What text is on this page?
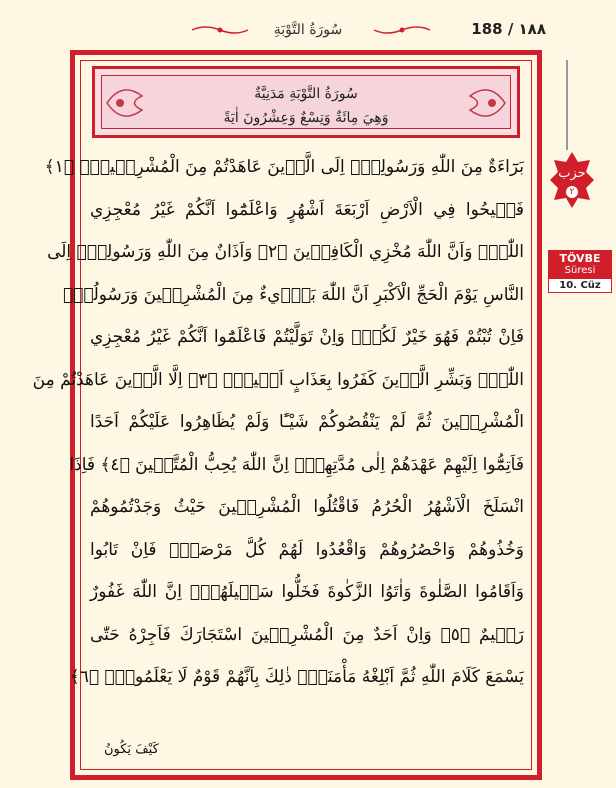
سُورَةُ التَّوْبَةِ	188 / ١٨٨
سُورَةُ التَّوْبَةِ مَدَنِيَّةٌ
وَهِيَ مِائَةٌ وَتِسْعٌ وَعِشْرُونَ اٰيَةً
بَرَٓاءَةٌ مِنَ اللّٰهِ وَرَسُولِه۪ٓ اِلَى الَّذ۪ينَ عَاهَدْتُمْ مِنَ الْمُشْرِك۪ينَۜ ﴿١﴾
فَس۪يحُوا فِي الْاَرْضِ اَرْبَعَةَ اَشْهُرٍ وَاعْلَمُٓوا اَنَّكُمْ غَيْرُ مُعْجِزِي
اللّٰهِۙ وَاَنَّ اللّٰهَ مُخْزِي الْكَافِر۪ينَ ﴿٢﴾ وَاَذَانٌ مِنَ اللّٰهِ وَرَسُولِه۪ٓ اِلَى
النَّاسِ يَوْمَ الْحَجِّ الْاَكْبَرِ اَنَّ اللّٰهَ بَر۪ٓيءٌ مِنَ الْمُشْرِك۪ينَ وَرَسُولُهُۜ
فَاِنْ تُبْتُمْ فَهُوَ خَيْرٌ لَكُمْۚ وَاِنْ تَوَلَّيْتُمْ فَاعْلَمُٓوا اَنَّكُمْ غَيْرُ مُعْجِزِي
اللّٰهِۜ وَبَشِّرِ الَّذ۪ينَ كَفَرُوا بِعَذَابٍ اَل۪يمٍۙ ﴿٣﴾ اِلَّا الَّذ۪ينَ عَاهَدْتُمْ مِنَ
الْمُشْرِك۪ينَ ثُمَّ لَمْ يَنْقُصُوكُمْ شَيْـًٔا وَلَمْ يُظَاهِرُوا عَلَيْكُمْ اَحَدًا
فَاَتِمُّٓوا اِلَيْهِمْ عَهْدَهُمْ اِلٰى مُدَّتِهِمْۜ اِنَّ اللّٰهَ يُحِبُّ الْمُتَّق۪ينَ ﴿٤﴾ فَاِذَا
انْسَلَخَ الْاَشْهُرُ الْحُرُمُ فَاقْتُلُوا الْمُشْرِك۪ينَ حَيْثُ وَجَدْتُمُوهُمْ
وَخُذُوهُمْ وَاحْصُرُوهُمْ وَاقْعُدُوا لَهُمْ كُلَّ مَرْصَدٍۚ فَاِنْ تَابُوا
وَاَقَامُوا الصَّلٰوةَ وَاٰتَوُا الزَّكٰوةَ فَخَلُّوا سَب۪يلَهُمْۜ اِنَّ اللّٰهَ غَفُورٌ
رَح۪يمٌ ﴿٥﴾ وَاِنْ اَحَدٌ مِنَ الْمُشْرِك۪ينَ اسْتَجَارَكَ فَاَجِرْهُ حَتّٰى
يَسْمَعَ كَلَامَ اللّٰهِ ثُمَّ اَبْلِغْهُ مَأْمَنَهُۜ ذٰلِكَ بِاَنَّهُمْ قَوْمٌ لَا يَعْلَمُونَ۟ ﴿٦﴾
كَيْفَ يَكُونُ
حزب
٢
TÖVBE
Süresi
10. Cüz
